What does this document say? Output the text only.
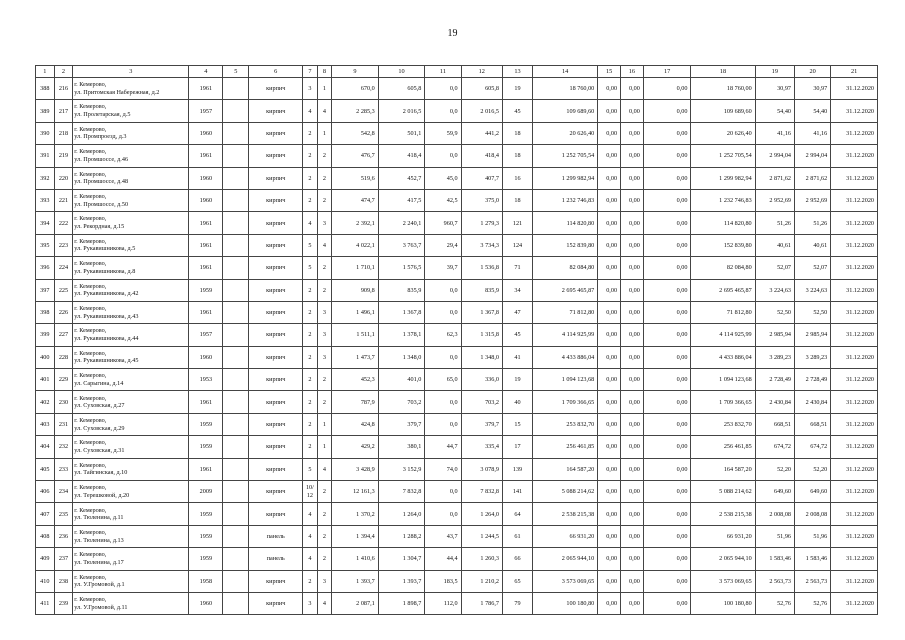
19
1	2	3	4	5	6	7	8	9	10	11	12	13	14	15	16	17	18	19	20	21
388	216	г. Кемерово,
ул. Притомская Набережная, д.2	1961		кирпич	3	1	670,0	605,8	0,0	605,8	19	18 760,00	0,00	0,00	0,00	18 760,00	30,97	30,97	31.12.2020
389	217	г. Кемерово,
ул. Пролетарская, д.5	1957		кирпич	4	4	2 285,3	2 016,5	0,0	2 016,5	45	109 689,60	0,00	0,00	0,00	109 689,60	54,40	54,40	31.12.2020
390	218	г. Кемерово,
ул. Промпроезд, д.3	1960		кирпич	2	1	542,8	501,1	59,9	441,2	18	20 626,40	0,00	0,00	0,00	20 626,40	41,16	41,16	31.12.2020
391	219	г. Кемерово,
ул. Промшоссе, д.46	1961		кирпич	2	2	476,7	418,4	0,0	418,4	18	1 252 705,54	0,00	0,00	0,00	1 252 705,54	2 994,04	2 994,04	31.12.2020
392	220	г. Кемерово,
ул. Промшоссе, д.48	1960		кирпич	2	2	519,6	452,7	45,0	407,7	16	1 299 982,94	0,00	0,00	0,00	1 299 982,94	2 871,62	2 871,62	31.12.2020
393	221	г. Кемерово,
ул. Промшоссе, д.50	1960		кирпич	2	2	474,7	417,5	42,5	375,0	18	1 232 746,83	0,00	0,00	0,00	1 232 746,83	2 952,69	2 952,69	31.12.2020
394	222	г. Кемерово,
ул. Рекордная, д.15	1961		кирпич	4	3	2 392,1	2 240,1	960,7	1 279,3	121	114 820,80	0,00	0,00	0,00	114 820,80	51,26	51,26	31.12.2020
395	223	г. Кемерово,
ул. Рукавишникова, д.5	1961		кирпич	5	4	4 022,1	3 763,7	29,4	3 734,3	124	152 839,80	0,00	0,00	0,00	152 839,80	40,61	40,61	31.12.2020
396	224	г. Кемерово,
ул. Рукавишникова, д.8	1961		кирпич	5	2	1 710,1	1 576,5	39,7	1 536,8	71	82 084,80	0,00	0,00	0,00	82 084,80	52,07	52,07	31.12.2020
397	225	г. Кемерово,
ул. Рукавишникова, д.42	1959		кирпич	2	2	909,8	835,9	0,0	835,9	34	2 695 465,87	0,00	0,00	0,00	2 695 465,87	3 224,63	3 224,63	31.12.2020
398	226	г. Кемерово,
ул. Рукавишникова, д.43	1961		кирпич	2	3	1 496,1	1 367,8	0,0	1 367,8	47	71 812,80	0,00	0,00	0,00	71 812,80	52,50	52,50	31.12.2020
399	227	г. Кемерово,
ул. Рукавишникова, д.44	1957		кирпич	2	3	1 511,1	1 378,1	62,3	1 315,8	45	4 114 925,99	0,00	0,00	0,00	4 114 925,99	2 985,94	2 985,94	31.12.2020
400	228	г. Кемерово,
ул. Рукавишникова, д.45	1960		кирпич	2	3	1 473,7	1 348,0	0,0	1 348,0	41	4 433 886,04	0,00	0,00	0,00	4 433 886,04	3 289,23	3 289,23	31.12.2020
401	229	г. Кемерово,
ул. Сарыгина, д.14	1953		кирпич	2	2	452,3	401,0	65,0	336,0	19	1 094 123,68	0,00	0,00	0,00	1 094 123,68	2 728,49	2 728,49	31.12.2020
402	230	г. Кемерово,
ул. Суховская, д.27	1961		кирпич	2	2	787,9	703,2	0,0	703,2	40	1 709 366,65	0,00	0,00	0,00	1 709 366,65	2 430,84	2 430,84	31.12.2020
403	231	г. Кемерово,
ул. Суховская, д.29	1959		кирпич	2	1	424,8	379,7	0,0	379,7	15	253 832,70	0,00	0,00	0,00	253 832,70	668,51	668,51	31.12.2020
404	232	г. Кемерово,
ул. Суховская, д.31	1959		кирпич	2	1	429,2	380,1	44,7	335,4	17	256 461,85	0,00	0,00	0,00	256 461,85	674,72	674,72	31.12.2020
405	233	г. Кемерово,
ул. Тайгинская, д.10	1961		кирпич	5	4	3 428,9	3 152,9	74,0	3 078,9	139	164 587,20	0,00	0,00	0,00	164 587,20	52,20	52,20	31.12.2020
406	234	г. Кемерово,
ул. Терешковой, д.20	2009		кирпич	10/
12	2	12 161,3	7 832,8	0,0	7 832,8	141	5 088 214,62	0,00	0,00	0,00	5 088 214,62	649,60	649,60	31.12.2020
407	235	г. Кемерово,
ул. Тюленина, д.11	1959		кирпич	4	2	1 370,2	1 264,0	0,0	1 264,0	64	2 538 215,38	0,00	0,00	0,00	2 538 215,38	2 008,08	2 008,08	31.12.2020
408	236	г. Кемерово,
ул. Тюленина, д.13	1959		панель	4	2	1 394,4	1 288,2	43,7	1 244,5	61	66 931,20	0,00	0,00	0,00	66 931,20	51,96	51,96	31.12.2020
409	237	г. Кемерово,
ул. Тюленина, д.17	1959		панель	4	2	1 410,6	1 304,7	44,4	1 260,3	66	2 065 944,10	0,00	0,00	0,00	2 065 944,10	1 583,46	1 583,46	31.12.2020
410	238	г. Кемерово,
ул. У.Громовой, д.1	1958		кирпич	2	3	1 393,7	1 393,7	183,5	1 210,2	65	3 573 069,65	0,00	0,00	0,00	3 573 069,65	2 563,73	2 563,73	31.12.2020
411	239	г. Кемерово,
ул. У.Громовой, д.11	1960		кирпич	3	4	2 087,1	1 898,7	112,0	1 786,7	79	100 180,80	0,00	0,00	0,00	100 180,80	52,76	52,76	31.12.2020
